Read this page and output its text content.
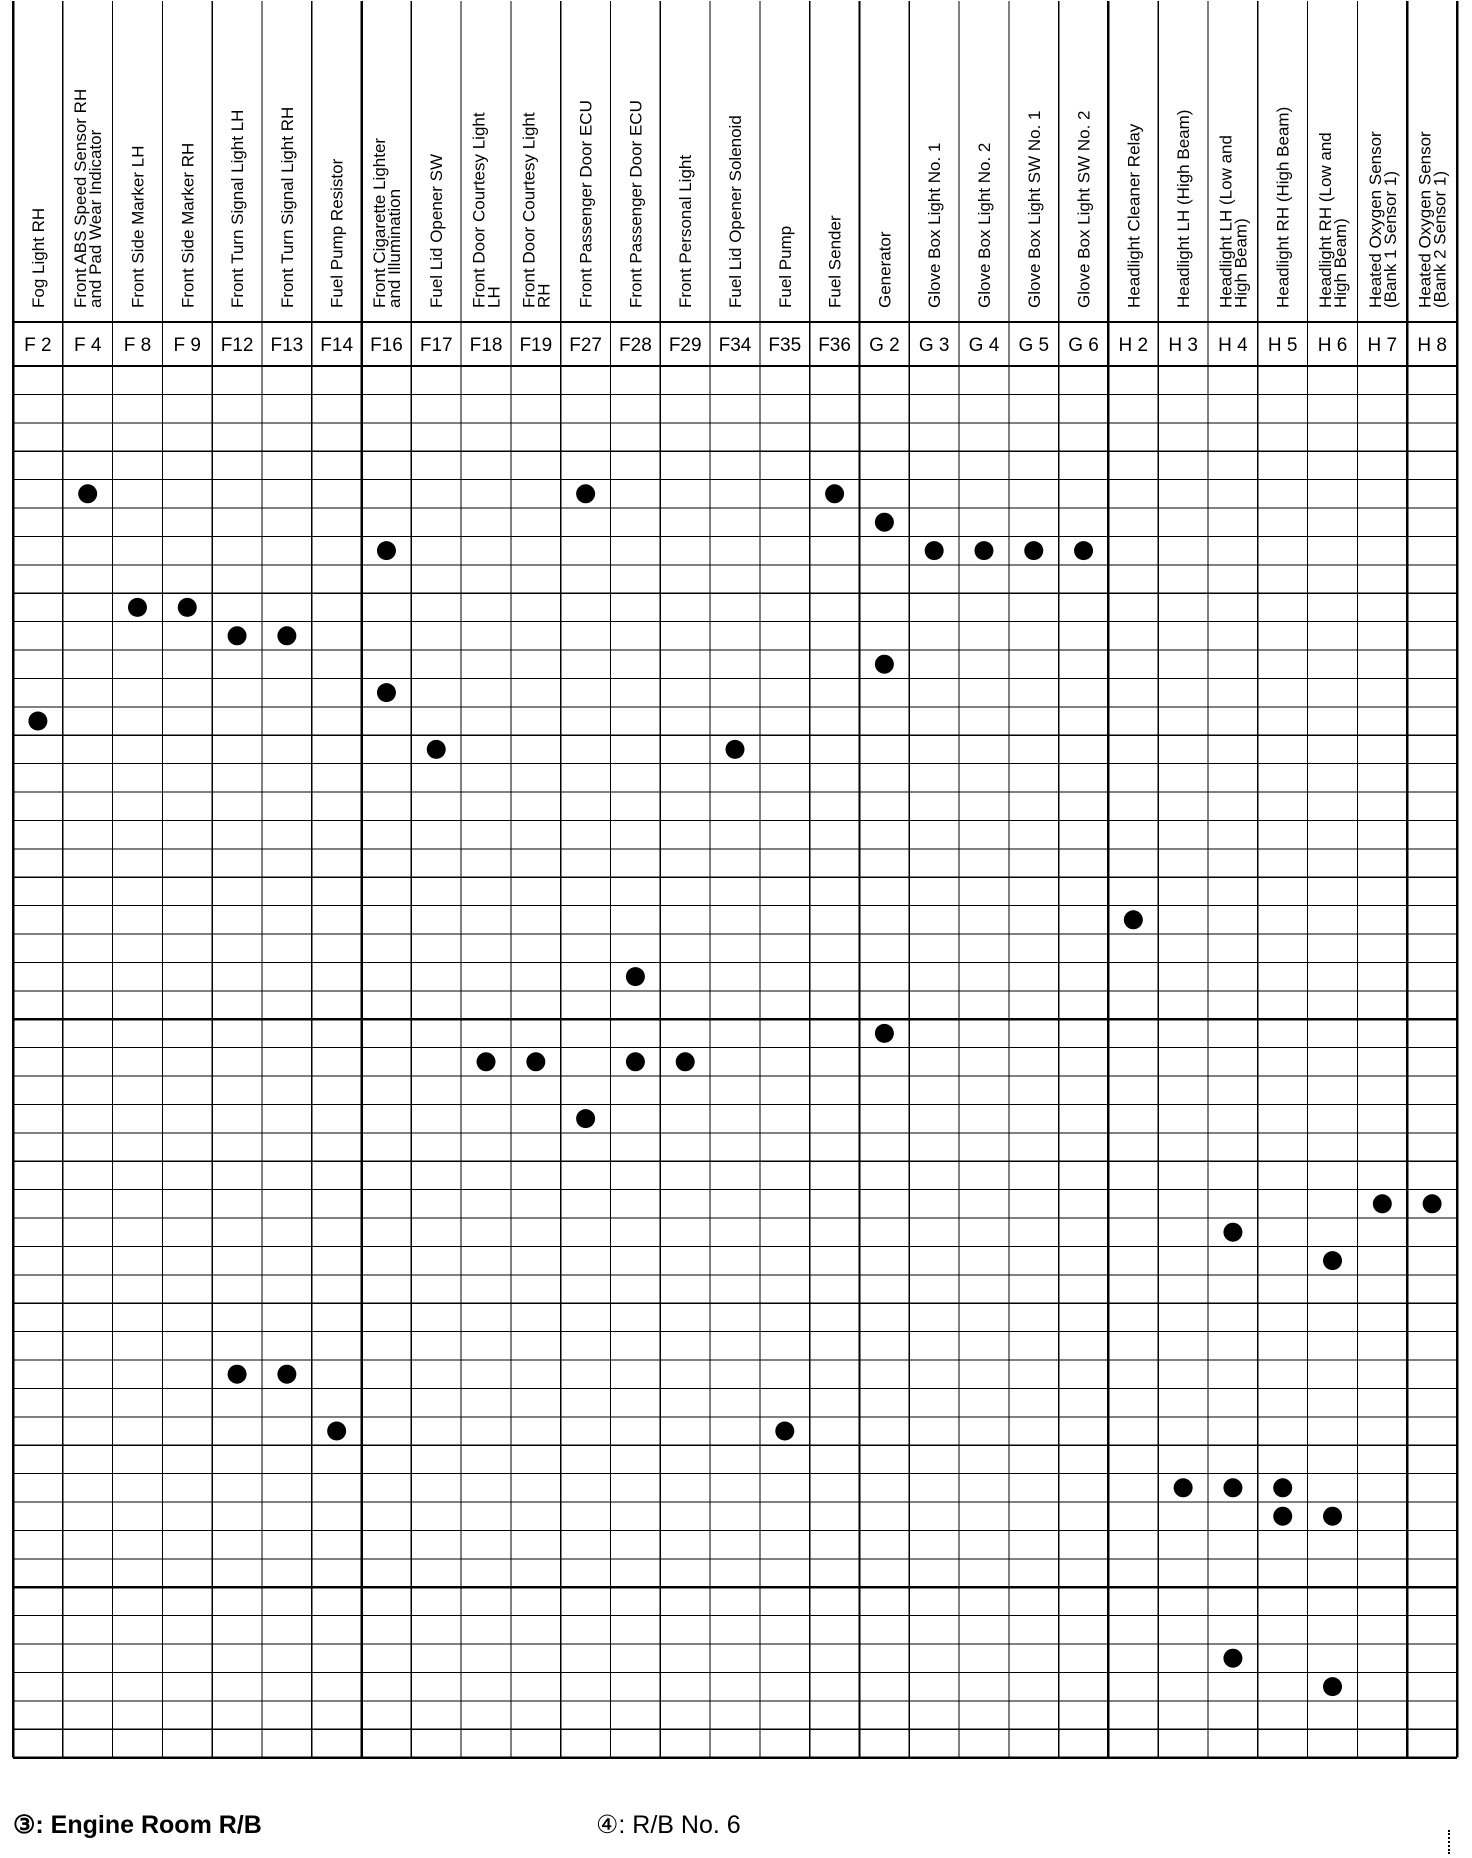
Fog Light RH Front ABS Speed Sensor RH
and Pad Wear Indicator Front Side Marker LH Front Side Marker RH Front Turn Signal Light LH Front Turn Signal Light RH Fuel Pump Resistor Front Cigarette Lighter
and Illumination Fuel Lid Opener SW Front Door Courtesy Light
LH Front Door Courtesy Light
RH Front Passenger Door ECU Front Passenger Door ECU Front Personal Light Fuel Lid Opener Solenoid Fuel Pump Fuel Sender Generator Glove Box Light No. 1 Glove Box Light No. 2 Glove Box Light SW No. 1 Glove Box Light SW No. 2 Headlight Cleaner Relay Headlight LH (High Beam) Headlight LH (Low and
High Beam) Headlight RH (High Beam) Headlight RH (Low and
High Beam) Heated Oxygen Sensor
(Bank 1 Sensor 1) Heated Oxygen Sensor
(Bank 2 Sensor 1)
F 2 F 4 F 8 F 9 F12 F13 F14 F16 F17 F18 F19 F27 F28 F29 F34 F35 F36 G 2 G 3 G 4 G 5 G 6 H 2 H 3 H 4 H 5 H 6 H 7 H 8
③: Engine Room R/B	④: R/B No. 6
